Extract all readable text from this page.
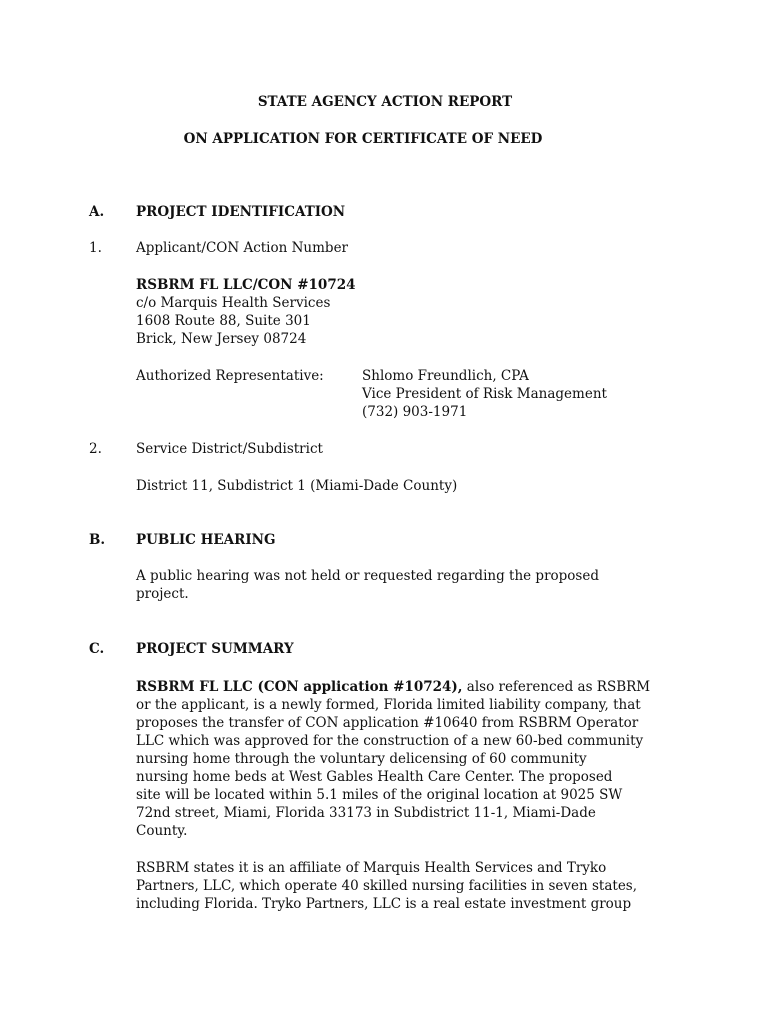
STATE AGENCY ACTION REPORT
ON APPLICATION FOR CERTIFICATE OF NEED
A. PROJECT IDENTIFICATION
1.	Applicant/CON Action Number
RSBRM FL LLC/CON #10724
c/o Marquis Health Services
1608 Route 88, Suite 301
Brick, New Jersey 08724
Authorized Representative:	Shlomo Freundlich, CPA
Vice President of Risk Management
(732) 903-1971
2.	Service District/Subdistrict
District 11, Subdistrict 1 (Miami-Dade County)
B. PUBLIC HEARING
A public hearing was not held or requested regarding the proposed
project.
C. PROJECT SUMMARY
RSBRM FL LLC (CON application #10724), also referenced as RSBRM
or the applicant, is a newly formed, Florida limited liability company, that
proposes the transfer of CON application #10640 from RSBRM Operator
LLC which was approved for the construction of a new 60-bed community
nursing home through the voluntary delicensing of 60 community
nursing home beds at West Gables Health Care Center. The proposed
site will be located within 5.1 miles of the original location at 9025 SW
72nd street, Miami, Florida 33173 in Subdistrict 11-1, Miami-Dade
County.
RSBRM states it is an affiliate of Marquis Health Services and Tryko
Partners, LLC, which operate 40 skilled nursing facilities in seven states,
including Florida. Tryko Partners, LLC is a real estate investment group
